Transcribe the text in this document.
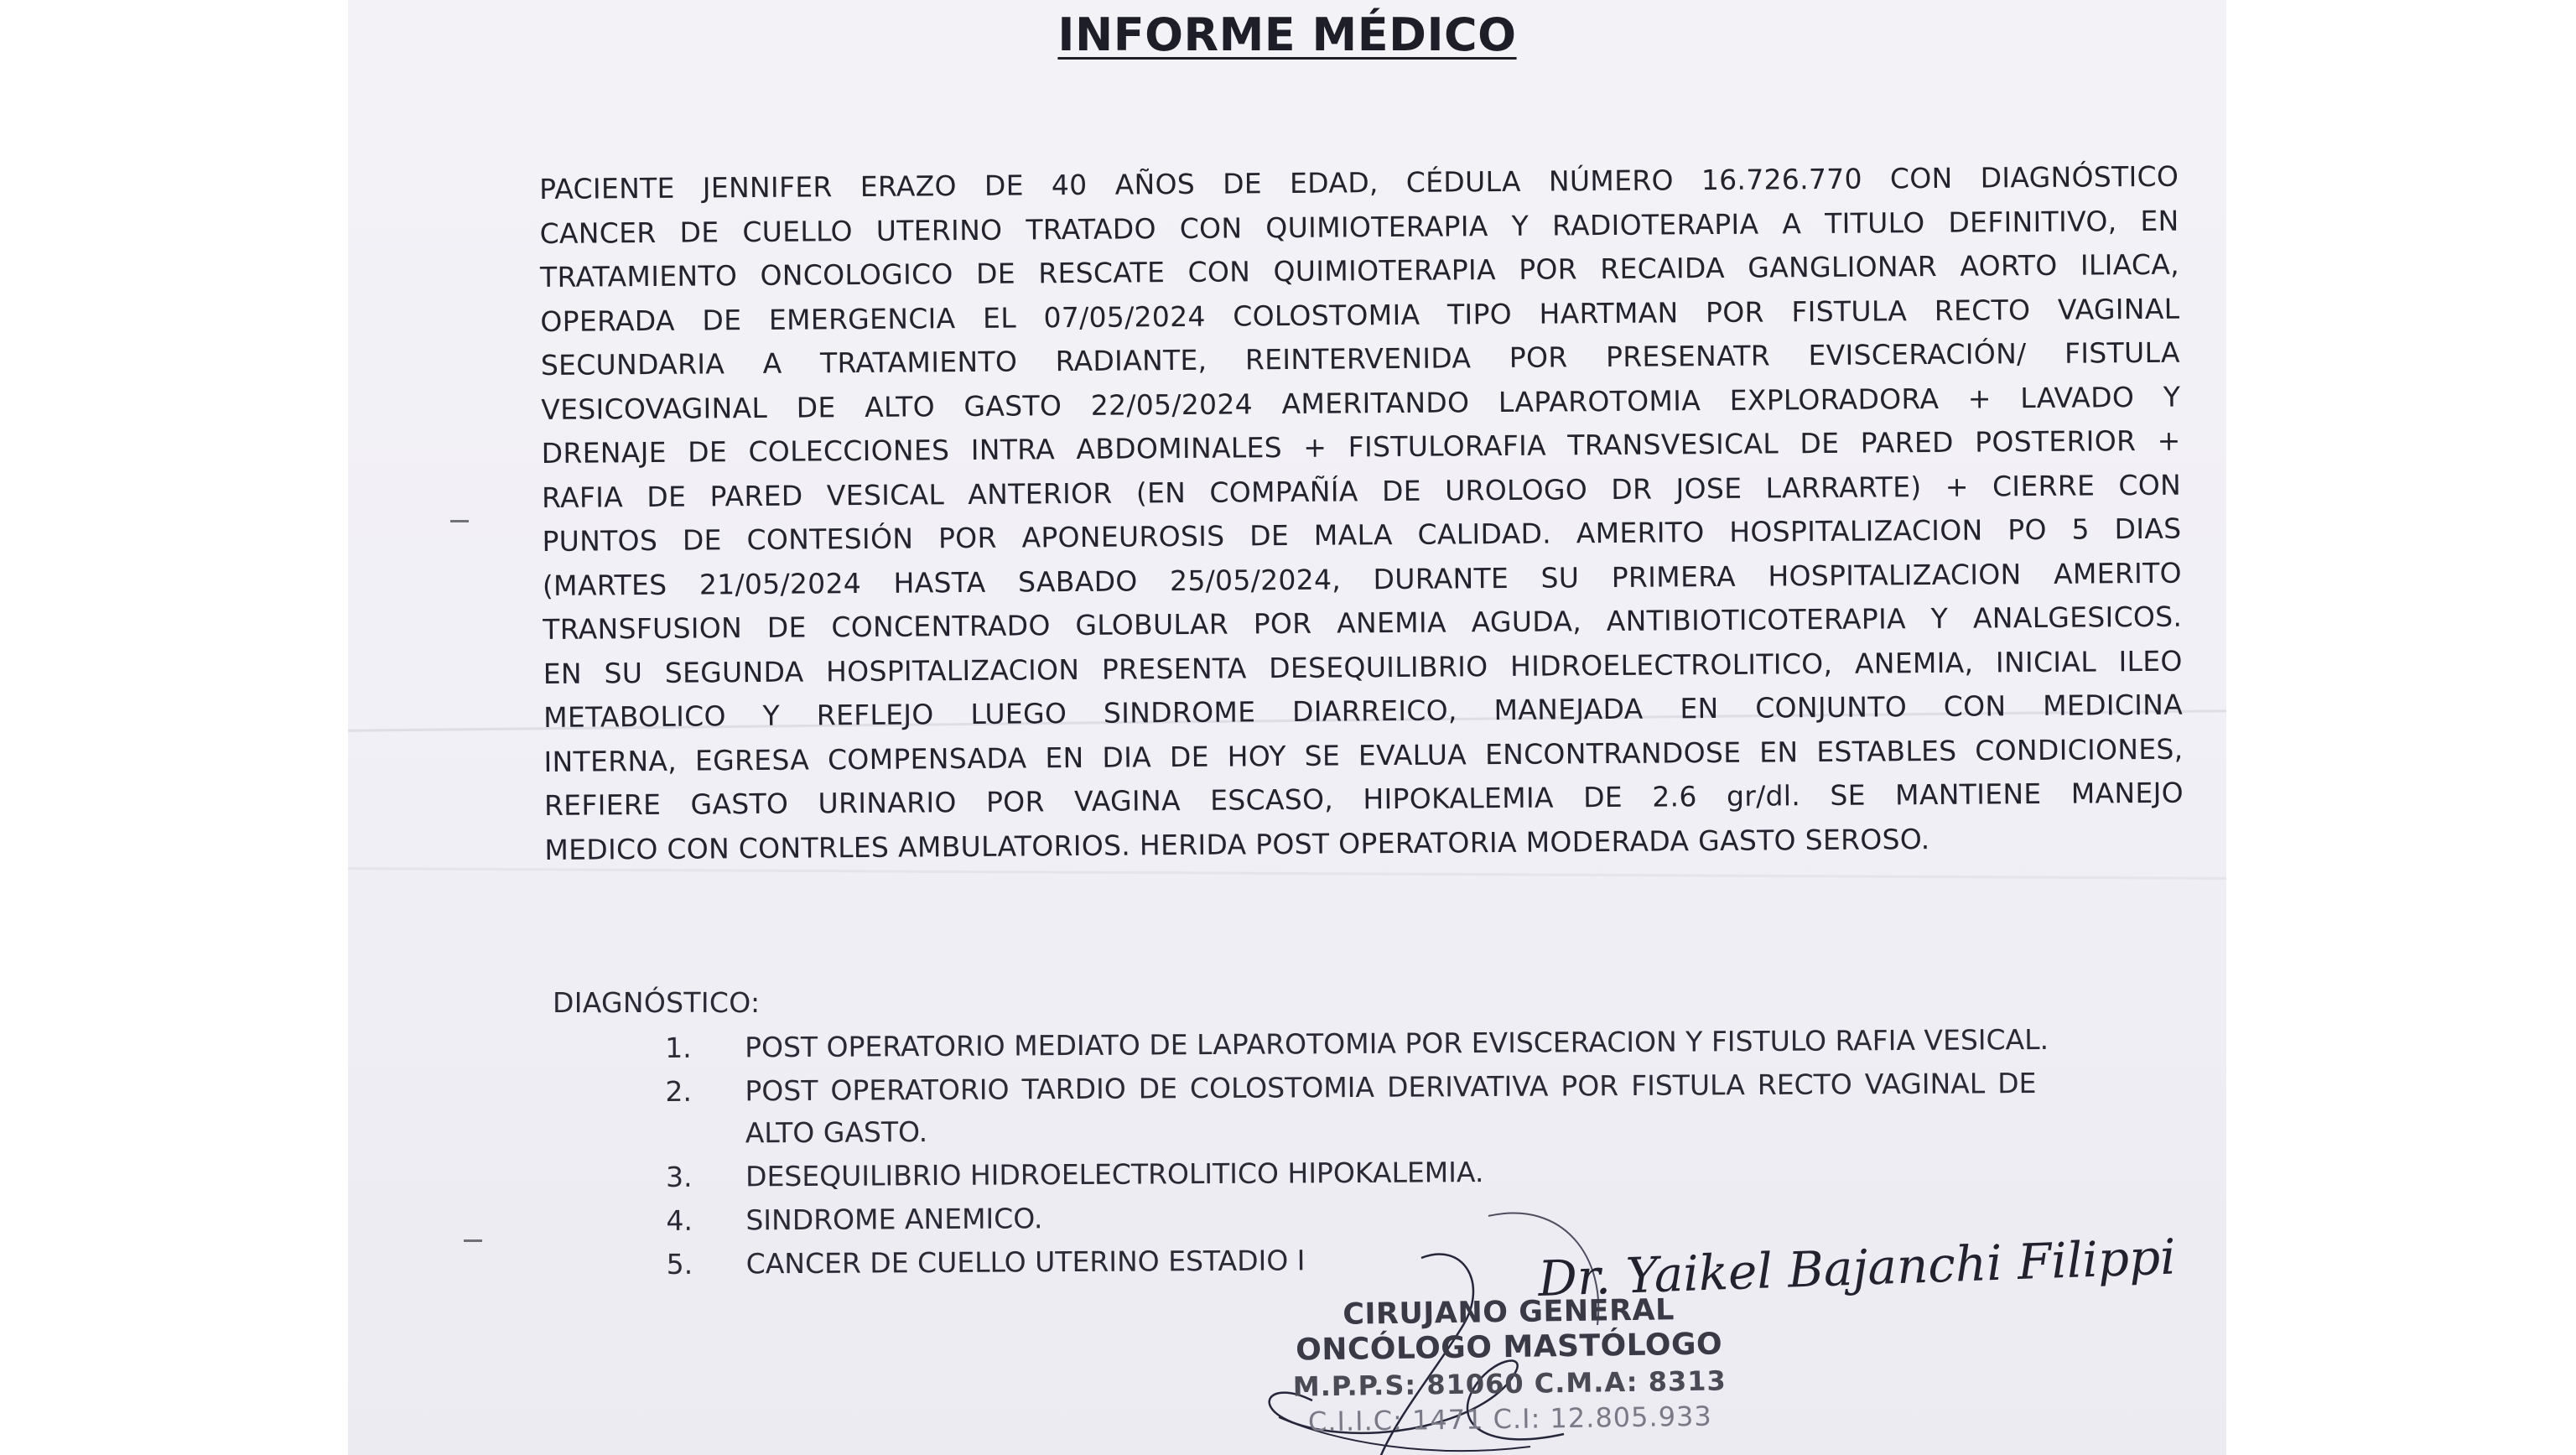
INFORME MÉDICO
PACIENTE JENNIFER ERAZO DE 40 AÑOS DE EDAD, CÉDULA NÚMERO 16.726.770 CON DIAGNÓSTICO
CANCER DE CUELLO UTERINO TRATADO CON QUIMIOTERAPIA Y RADIOTERAPIA A TITULO DEFINITIVO, EN
TRATAMIENTO ONCOLOGICO DE RESCATE CON QUIMIOTERAPIA POR RECAIDA GANGLIONAR AORTO ILIACA,
OPERADA DE EMERGENCIA EL 07/05/2024 COLOSTOMIA TIPO HARTMAN POR FISTULA RECTO VAGINAL
SECUNDARIA A TRATAMIENTO RADIANTE, REINTERVENIDA POR PRESENATR EVISCERACIÓN/ FISTULA
VESICOVAGINAL DE ALTO GASTO 22/05/2024 AMERITANDO LAPAROTOMIA EXPLORADORA + LAVADO Y
DRENAJE DE COLECCIONES INTRA ABDOMINALES + FISTULORAFIA TRANSVESICAL DE PARED POSTERIOR +
RAFIA DE PARED VESICAL ANTERIOR (EN COMPAÑÍA DE UROLOGO DR JOSE LARRARTE) + CIERRE CON
PUNTOS DE CONTESIÓN POR APONEUROSIS DE MALA CALIDAD. AMERITO HOSPITALIZACION PO 5 DIAS
(MARTES 21/05/2024 HASTA SABADO 25/05/2024, DURANTE SU PRIMERA HOSPITALIZACION AMERITO
TRANSFUSION DE CONCENTRADO GLOBULAR POR ANEMIA AGUDA, ANTIBIOTICOTERAPIA Y ANALGESICOS.
EN SU SEGUNDA HOSPITALIZACION PRESENTA DESEQUILIBRIO HIDROELECTROLITICO, ANEMIA, INICIAL ILEO
METABOLICO Y REFLEJO LUEGO SINDROME DIARREICO, MANEJADA EN CONJUNTO CON MEDICINA
INTERNA, EGRESA COMPENSADA EN DIA DE HOY SE EVALUA ENCONTRANDOSE EN ESTABLES CONDICIONES,
REFIERE GASTO URINARIO POR VAGINA ESCASO, HIPOKALEMIA DE 2.6 gr/dl. SE MANTIENE MANEJO
MEDICO CON CONTRLES AMBULATORIOS. HERIDA POST OPERATORIA MODERADA GASTO SEROSO.
DIAGNÓSTICO:
1. POST OPERATORIO MEDIATO DE LAPAROTOMIA POR EVISCERACION Y FISTULO RAFIA VESICAL.
2. POST OPERATORIO TARDIO DE COLOSTOMIA DERIVATIVA POR FISTULA RECTO VAGINAL DE ALTO GASTO.
3. DESEQUILIBRIO HIDROELECTROLITICO HIPOKALEMIA.
4. SINDROME ANEMICO.
5. CANCER DE CUELLO UTERINO ESTADIO I	Dr. Yaikel Bajanchi Filippi
CIRUJANO GENERAL
ONCÓLOGO MASTÓLOGO
M.P.P.S: 81060 C.M.A: 8313
C.I.I.C: 1471 C.I: 12.805.933
